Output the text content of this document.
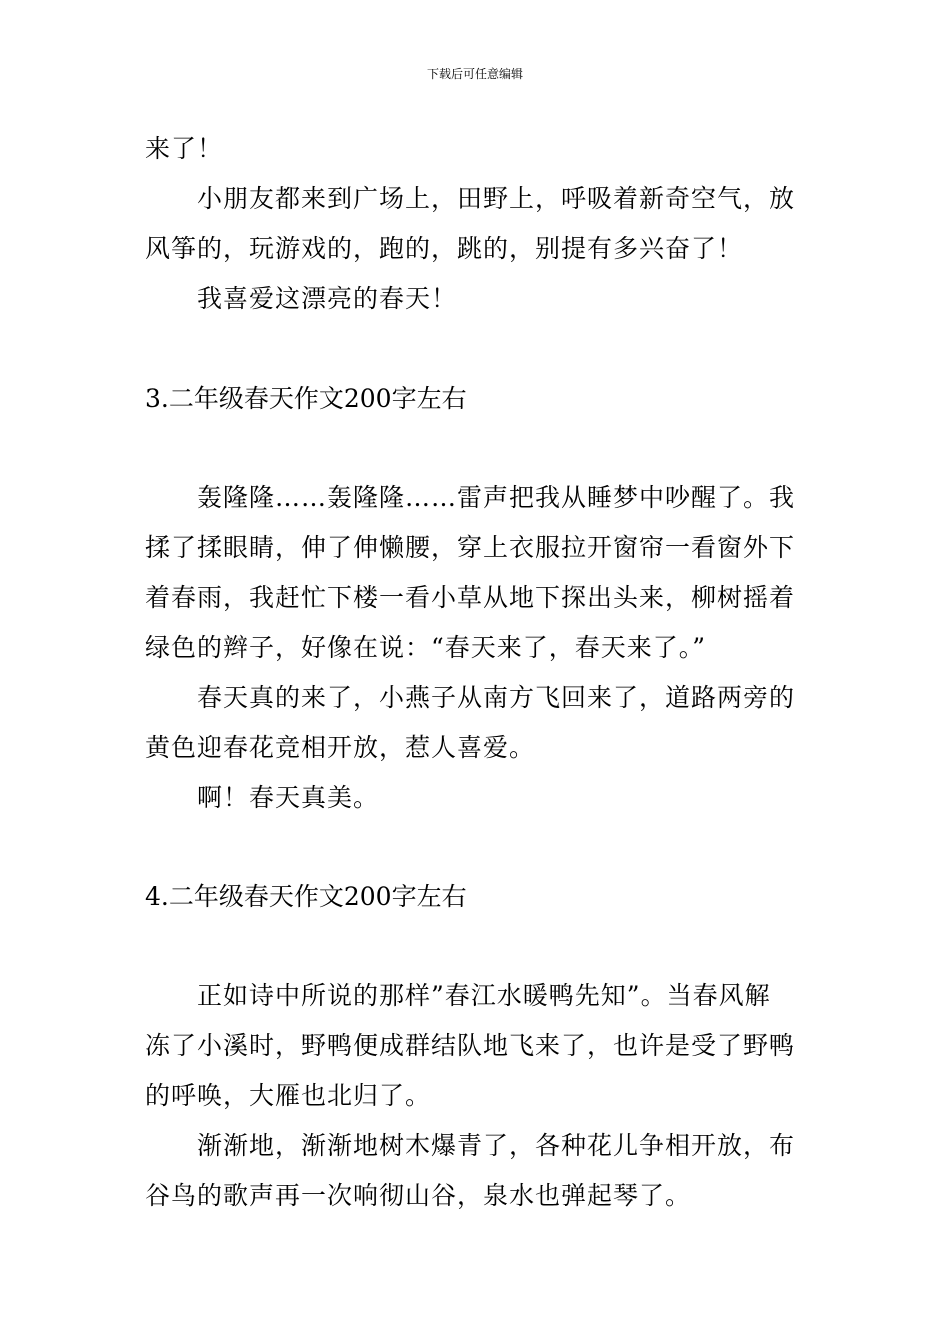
下载后可任意编辑
来了！
小朋友都来到广场上，田野上，呼吸着新奇空气，放
风筝的，玩游戏的，跑的，跳的，别提有多兴奋了！
我喜爱这漂亮的春天！
3.二年级春天作文200字左右
轰隆隆……轰隆隆……雷声把我从睡梦中吵醒了。我
揉了揉眼睛，伸了伸懒腰，穿上衣服拉开窗帘一看窗外下
着春雨，我赶忙下楼一看小草从地下探出头来，柳树摇着
绿色的辫子，好像在说：“春天来了，春天来了。”
春天真的来了，小燕子从南方飞回来了，道路两旁的
黄色迎春花竞相开放，惹人喜爱。
啊！春天真美。
4.二年级春天作文200字左右
正如诗中所说的那样”春江水暖鸭先知”。当春风解
冻了小溪时，野鸭便成群结队地飞来了，也许是受了野鸭
的呼唤，大雁也北归了。
渐渐地，渐渐地树木爆青了，各种花儿争相开放，布
谷鸟的歌声再一次响彻山谷，泉水也弹起琴了。
